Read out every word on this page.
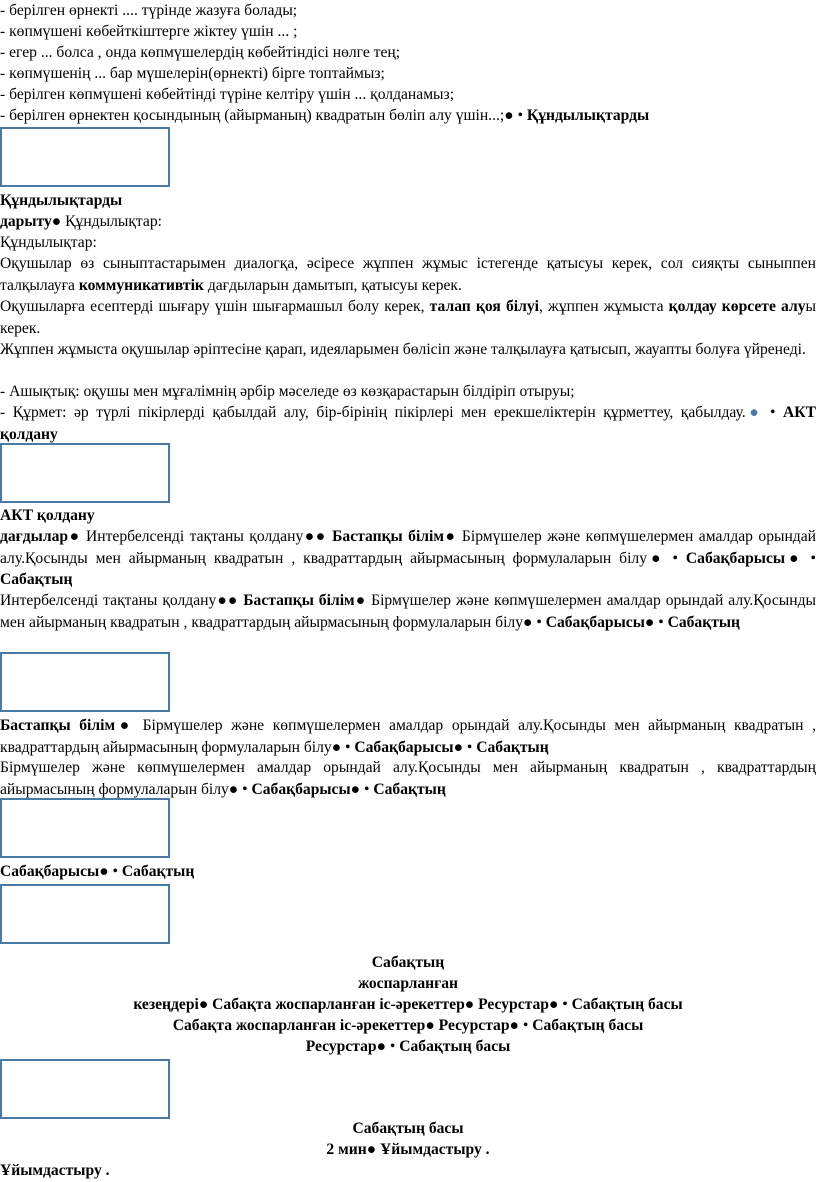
- берілген өрнекті .... түрінде жазуға болады;
- көпмүшені көбейткіштерге жіктеу үшін ... ;
- егер ... болса , онда көпмүшелердің көбейтіндісі нөлге тең;
- көпмүшенің ... бар мүшелерін(өрнекті) бірге топтаймыз;
- берілген көпмүшені көбейтінді түріне келтіру үшін ... қолданамыз;
- берілген өрнектен қосындының (айырманың) квадратын бөліп алу үшін...;● • Құндылықтарды
Құндылықтарды
дарыту● Құндылықтар:
Құндылықтар:
Оқушылар өз сыныптастарымен диалогқа, әсіресе жұппен жұмыс істегенде қатысуы керек, сол сияқты сыныппен талқылауға коммуникативтік дағдыларын дамытып, қатысуы керек.
Оқушыларға есептерді шығару үшін шығармашыл болу керек, талап қоя білуі, жұппен жұмыста қолдау көрсете алуы керек.
Жұппен жұмыста оқушылар әріптесіне қарап, идеяларымен бөлісіп және талқылауға қатысып, жауапты болуға үйренеді.
- Ашықтық: оқушы мен мұғалімнің әрбір мәселеде өз көзқарастарын білдіріп отыруы;
- Құрмет: әр түрлі пікірлерді қабылдай алу, бір-бірінің пікірлері мен ерекшеліктерін құрметтеу, қабылдау.● • АКТ қолдану
АКТ қолдану
дағдылар● Интербелсенді тақтаны қолдану●● Бастапқы білім● Бірмүшелер және көпмүшелермен амалдар орындай алу.Қосынды мен айырманың квадратын , квадраттардың айырмасының формулаларын білу● • Сабақбарысы● • Сабақтың
Интербелсенді тақтаны қолдану●● Бастапқы білім● Бірмүшелер және көпмүшелермен амалдар орындай алу.Қосынды мен айырманың квадратын , квадраттардың айырмасының формулаларын білу● • Сабақбарысы● • Сабақтың
Бастапқы білім● Бірмүшелер және көпмүшелермен амалдар орындай алу.Қосынды мен айырманың квадратын , квадраттардың айырмасының формулаларын білу● • Сабақбарысы● • Сабақтың
Бірмүшелер және көпмүшелермен амалдар орындай алу.Қосынды мен айырманың квадратын , квадраттардың айырмасының формулаларын білу● • Сабақбарысы● • Сабақтың
Сабақбарысы● • Сабақтың
Сабақтың
жоспарланған
кезеңдері● Сабақта жоспарланған іс-әрекеттер● Ресурстар● • Сабақтың басы
Сабақта жоспарланған іс-әрекеттер● Ресурстар● • Сабақтың басы
Ресурстар● • Сабақтың басы
Сабақтың басы
2 мин● Ұйымдастыру .
Ұйымдастыру .
